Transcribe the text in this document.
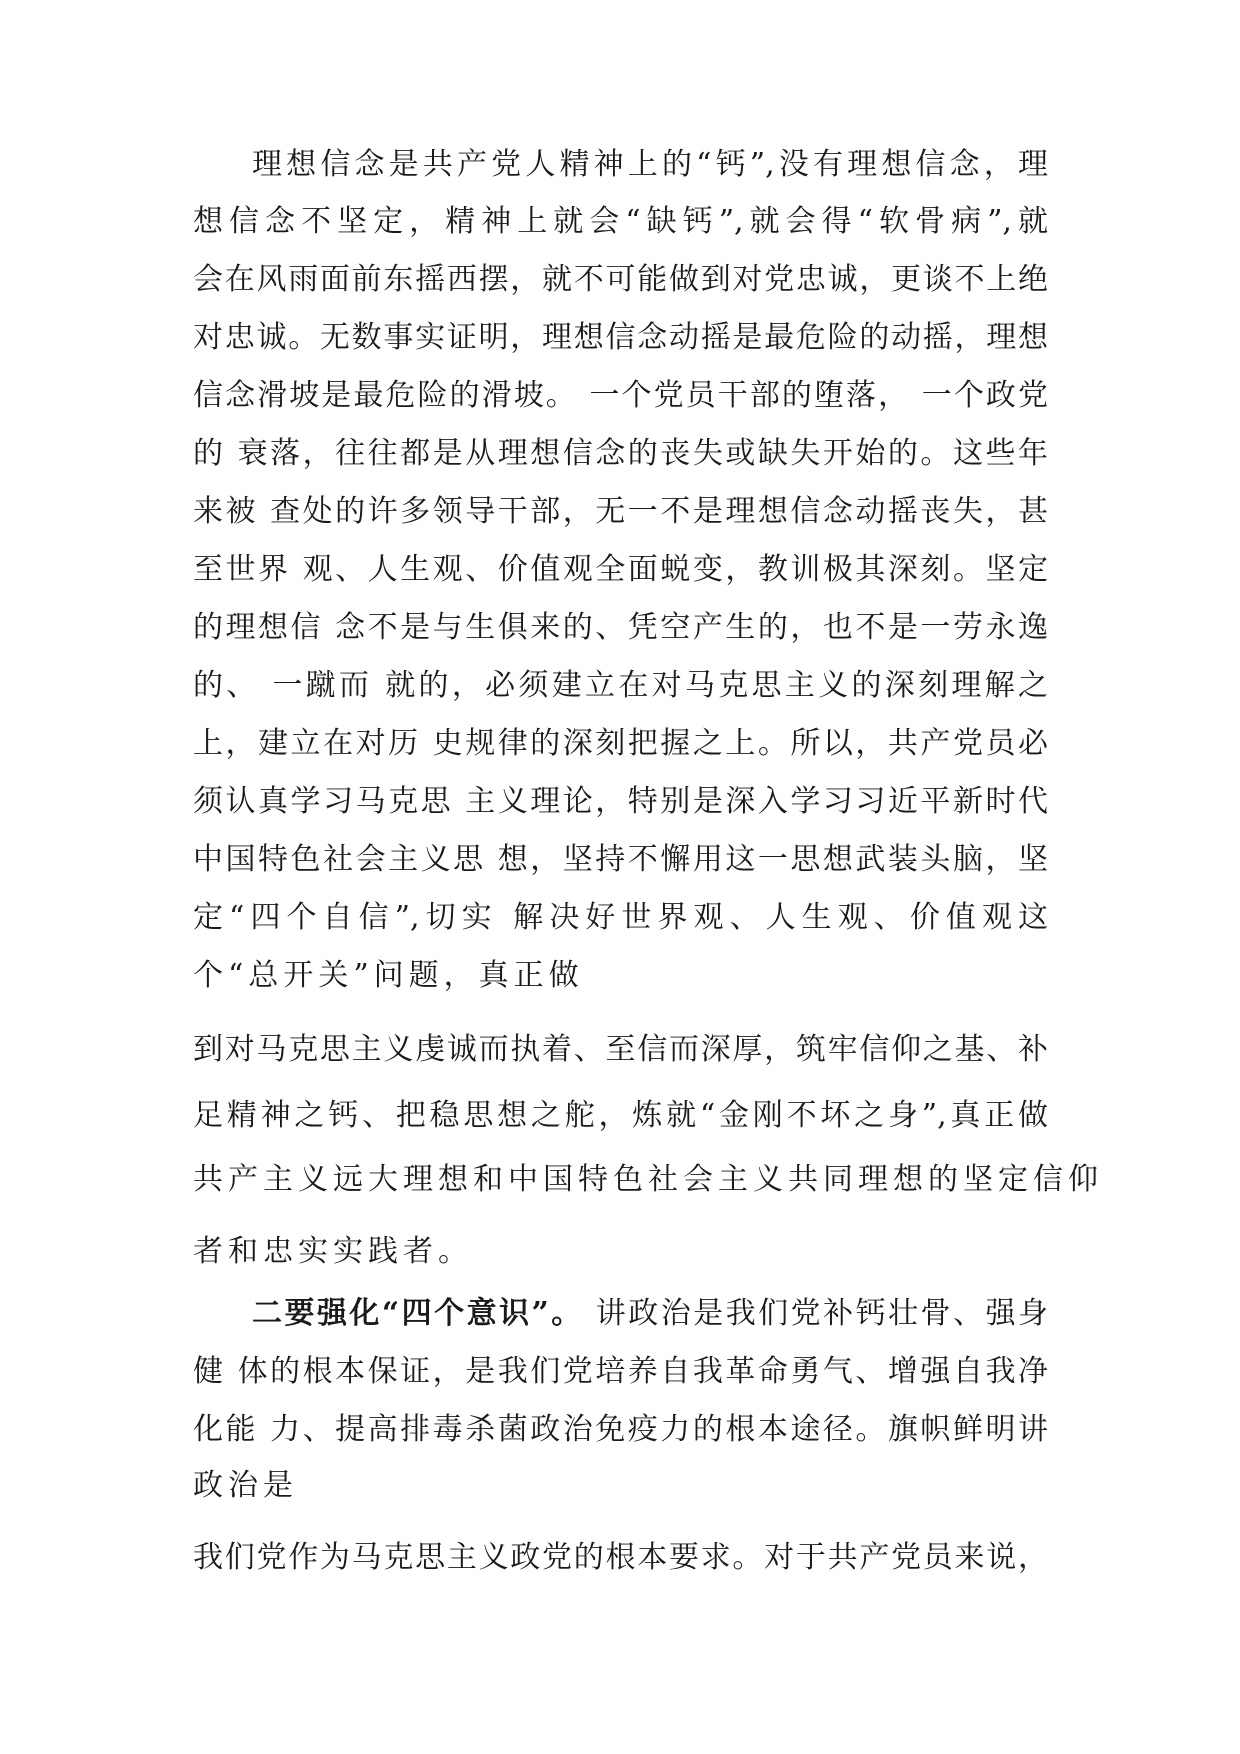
理想信念是共产党人精神上的“钙”,没有理想信念，理
想信念不坚定，精神上就会“缺钙”,就会得“软骨病”,就
会在风雨面前东摇西摆，就不可能做到对党忠诚，更谈不上绝
对忠诚。无数事实证明，理想信念动摇是最危险的动摇，理想
信念滑坡是最危险的滑坡。 一个党员干部的堕落， 一个政党
的 衰落，往往都是从理想信念的丧失或缺失开始的。这些年
来被 查处的许多领导干部，无一不是理想信念动摇丧失，甚
至世界 观、人生观、价值观全面蜕变，教训极其深刻。坚定
的理想信 念不是与生俱来的、凭空产生的，也不是一劳永逸
的、 一蹴而 就的，必须建立在对马克思主义的深刻理解之
上，建立在对历 史规律的深刻把握之上。所以，共产党员必
须认真学习马克思 主义理论，特别是深入学习习近平新时代
中国特色社会主义思 想，坚持不懈用这一思想武装头脑，坚
定“四个自信”,切实 解决好世界观、人生观、价值观这
个“总开关”问题，真正做
到对马克思主义虔诚而执着、至信而深厚，筑牢信仰之基、补
足精神之钙、把稳思想之舵，炼就“金刚不坏之身”,真正做
共产主义远大理想和中国特色社会主义共同理想的坚定信仰
者和忠实实践者。
二要强化“四个意识”。 讲政治是我们党补钙壮骨、强身
健 体的根本保证，是我们党培养自我革命勇气、增强自我净
化能 力、提高排毒杀菌政治免疫力的根本途径。旗帜鲜明讲
政治是
我们党作为马克思主义政党的根本要求。对于共产党员来说，
